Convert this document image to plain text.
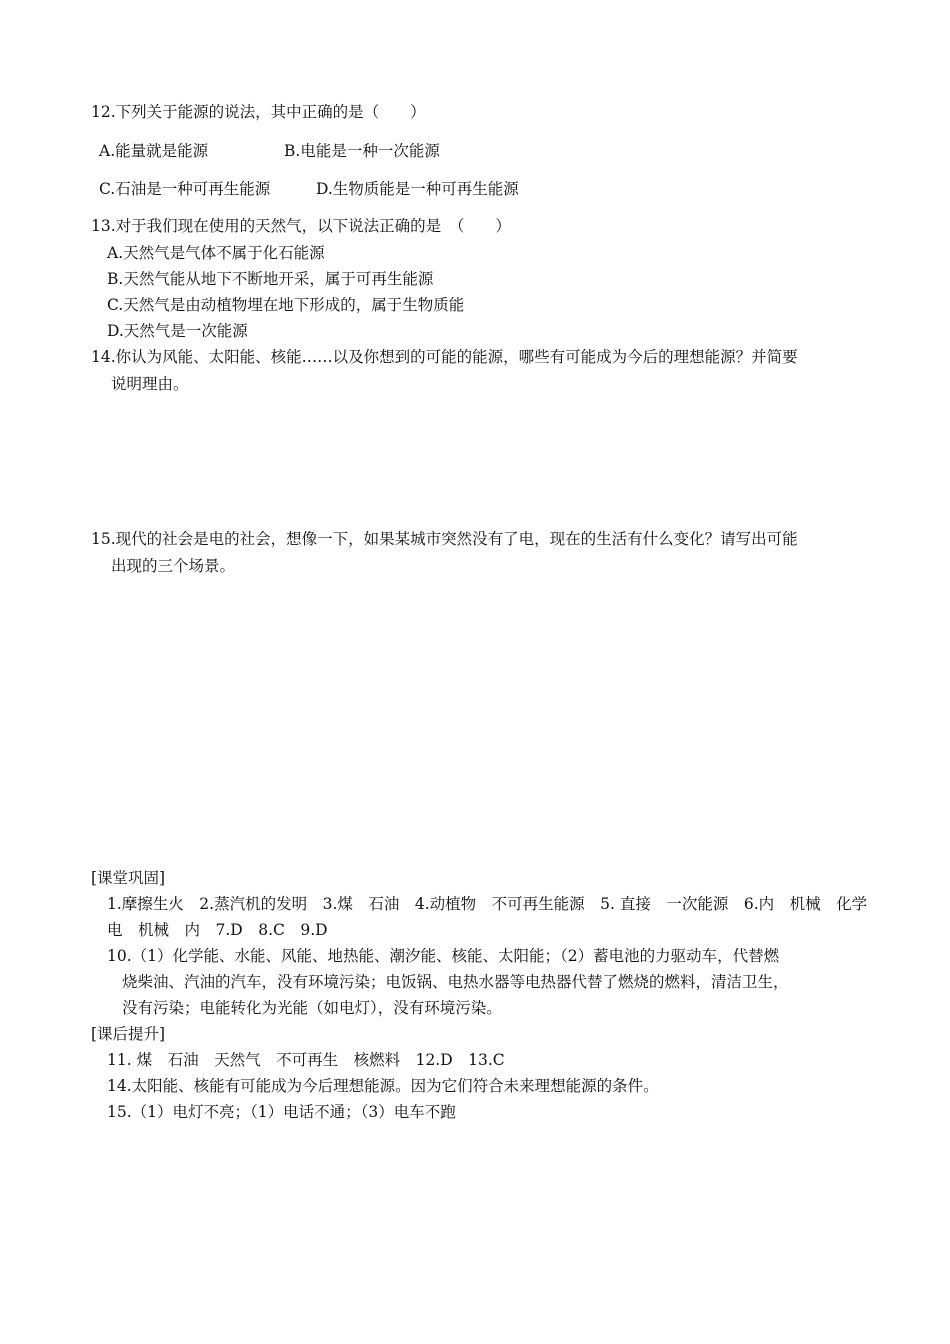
12.下列关于能源的说法，其中正确的是（　　）
A.能量就是能源	B.电能是一种一次能源
C.石油是一种可再生能源	D.生物质能是一种可再生能源
13.对于我们现在使用的天然气，以下说法正确的是　（　　）
A.天然气是气体不属于化石能源
B.天然气能从地下不断地开采，属于可再生能源
C.天然气是由动植物埋在地下形成的，属于生物质能
D.天然气是一次能源
14.你认为风能、太阳能、核能……以及你想到的可能的能源，哪些有可能成为今后的理想能源？并简要
说明理由。
15.现代的社会是电的社会，想像一下，如果某城市突然没有了电，现在的生活有什么变化？请写出可能
出现的三个场景。
[课堂巩固]
1.摩擦生火　2.蒸汽机的发明　3.煤　石油　4.动植物　不可再生能源　5. 直接　一次能源　6.内　机械　化学
电　机械　内　7.D　8.C　9.D
10.（1）化学能、水能、风能、地热能、潮汐能、核能、太阳能；（2）蓄电池的力驱动车，代替燃
烧柴油、汽油的汽车，没有环境污染；电饭锅、电热水器等电热器代替了燃烧的燃料，清洁卫生，
没有污染；电能转化为光能（如电灯），没有环境污染。
[课后提升]
11. 煤　石油　天然气　不可再生　核燃料　12.D　13.C
14.太阳能、核能有可能成为今后理想能源。因为它们符合未来理想能源的条件。
15.（1）电灯不亮；（1）电话不通；（3）电车不跑
